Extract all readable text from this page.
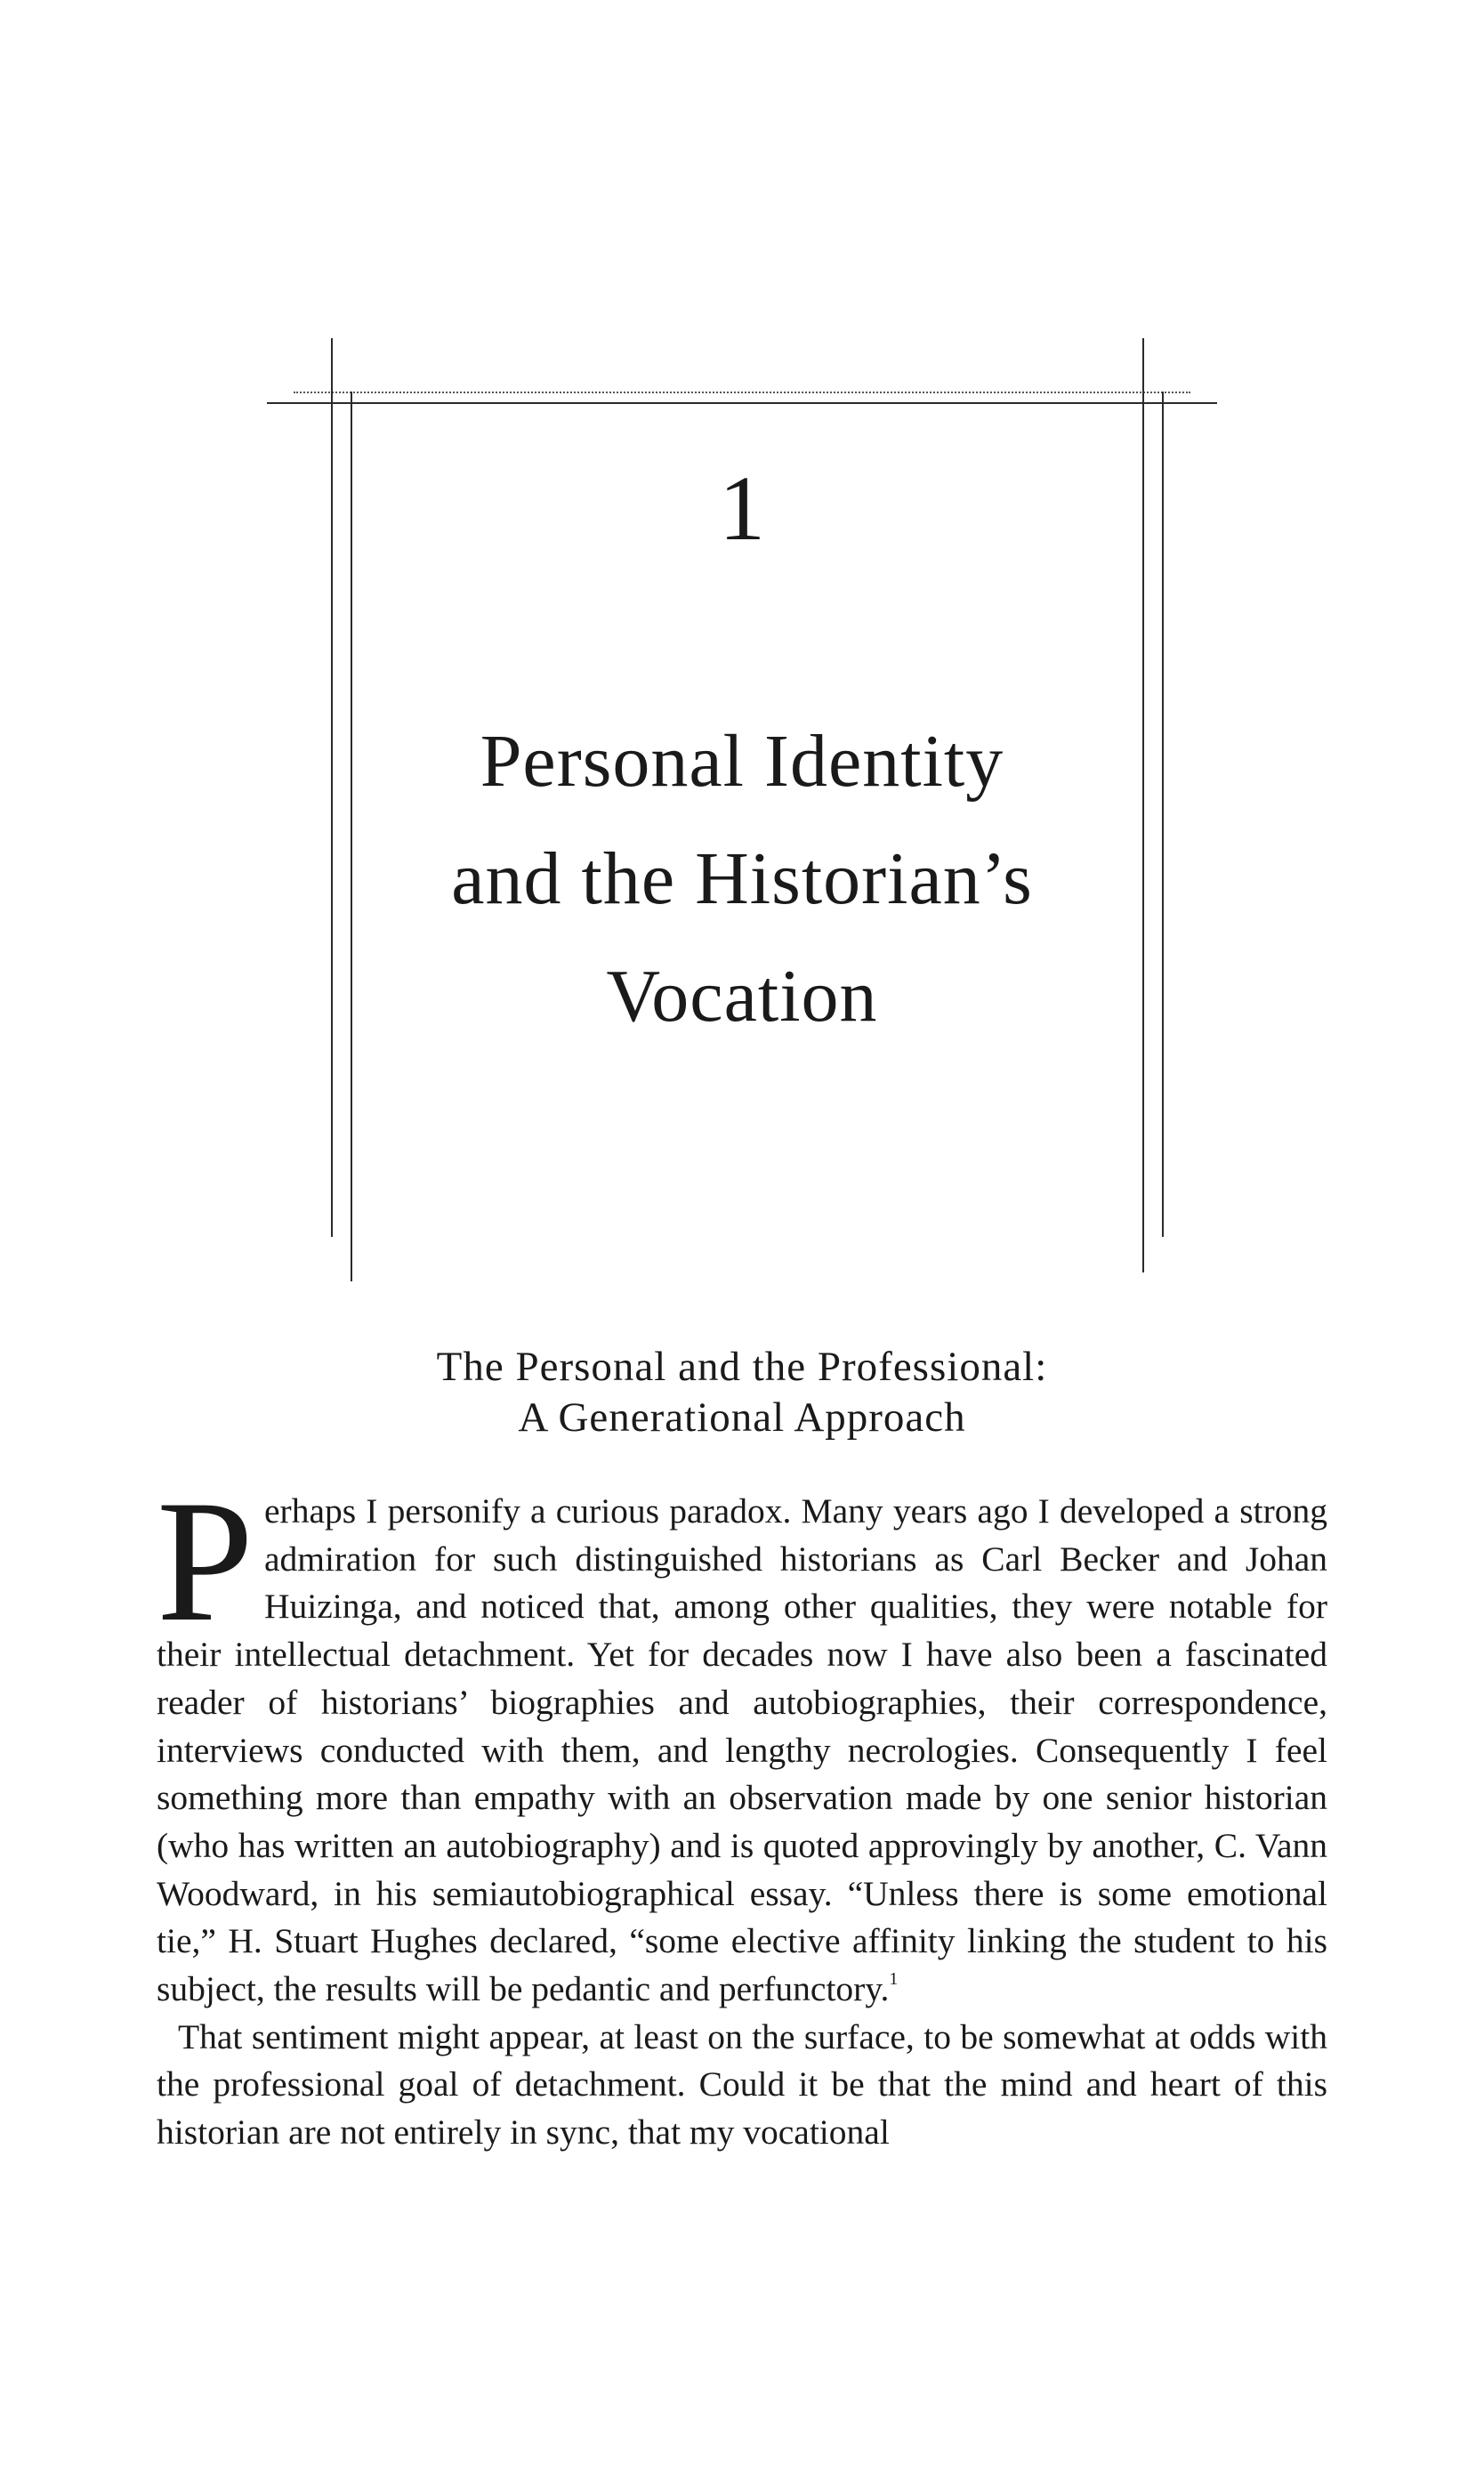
1
Personal Identity
and the Historian’s
Vocation
The Personal and the Professional:
A Generational Approach

Perhaps I personify a curious paradox. Many years ago I developed a strong admiration for such distinguished historians as Carl Becker and Johan Huizinga, and noticed that, among other qualities, they were notable for their intellectual detachment. Yet for decades now I have also been a fascinated reader of historians’ biographies and autobiographies, their correspondence, interviews conducted with them, and lengthy necrologies. Consequently I feel something more than empathy with an observation made by one senior historian (who has written an autobiography) and is quoted approvingly by another, C. Vann Woodward, in his semiautobiographical essay. “Unless there is some emotional tie,” H. Stuart Hughes declared, “some elective affinity linking the student to his subject, the results will be pedantic and perfunctory.$^1$

That sentiment might appear, at least on the surface, to be somewhat at odds with the professional goal of detachment. Could it be that the mind and heart of this historian are not entirely in sync, that my vocational
